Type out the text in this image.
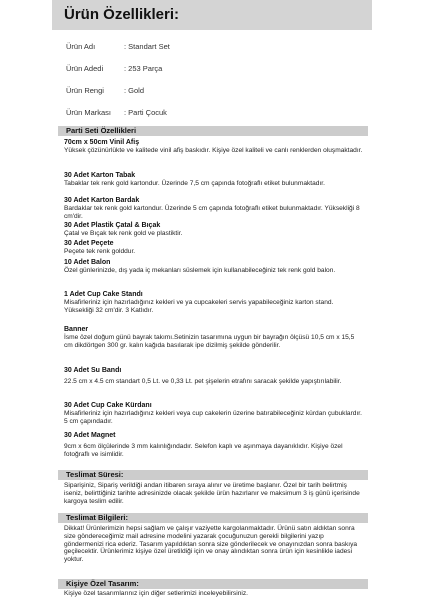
Ürün Özellikleri:
Ürün Adı	: Standart Set
Ürün Adedi	: 253 Parça
Ürün Rengi	: Gold
Ürün Markası : Parti Çocuk
Parti Seti Özellikleri
70cm x 50cm Vinil Afiş

Yüksek çözünürlükte ve kalitede vinil afiş baskıdır. Kişiye özel kaliteli ve canlı renklerden oluşmaktadır.

30 Adet Karton Tabak

Tabaklar tek renk gold kartondur. Üzerinde 7,5 cm çapında fotoğraflı etiket bulunmaktadır.

30 Adet Karton Bardak

Bardaklar tek renk gold kartondur. Üzerinde 5 cm çapında fotoğraflı etiket bulunmaktadır. Yüksekliği 8 cm'dir.

30 Adet Plastik Çatal & Bıçak

Çatal ve Bıçak tek renk gold ve plastiktir.

30 Adet Peçete

Peçete tek renk golddur.

10 Adet Balon

Özel günlerinizde, dış yada iç mekanları süslemek için kullanabileceğiniz tek renk gold balon.

1 Adet Cup Cake Standı

Misafirleriniz için hazırladığınız kekleri ve ya cupcakeleri servis yapabileceğiniz karton stand. Yüksekliği 32 cm'dir. 3 Katlıdır.

Banner

İsme özel doğum günü bayrak takımı.Setinizin tasarımına uygun bir bayrağın ölçüsü 10,5 cm x 15,5 cm dikdörtgen 300 gr. kalın kağıda basılarak ipe dizilmiş şekilde gönderilir.

30 Adet Su Bandı

22.5 cm x 4.5 cm standart 0,5 Lt. ve 0,33 Lt. pet şişelerin etrafını saracak şekilde yapıştırılabilir.

30 Adet Cup Cake Kürdanı

Misafirleriniz için hazırladığınız kekleri veya cup cakelerin üzerine batırabileceğiniz kürdan çubuklardır. 5 cm çapındadır.

30 Adet Magnet

9cm x 6cm ölçülerinde 3 mm kalınlığındadır. Selefon kaplı ve aşınmaya dayanıklıdır. Kişiye özel fotoğraflı ve isimlidir.

Teslimat Süresi:

Siparişiniz, Sipariş verildiği andan itibaren sıraya alınır ve üretime başlanır. Özel bir tarih belirtmiş iseniz, belirttiğiniz tarihte adresinizde olacak şekilde ürün hazırlanır ve maksimum 3 iş günü içerisinde kargoya teslim edilir.

Teslimat Bilgileri:

Dikkat! Ürünlerimizin hepsi sağlam ve çalışır vaziyette kargolanmaktadır. Ürünü satın aldıktan sonra size göndereceğimiz mail adresine modelini yazarak çocuğunuzun gerekli bilgilerini yazıp göndermenizi rica ederiz. Tasarım yapıldıktan sonra size gönderilecek ve onayınızdan sonra baskıya geçilecektir. Ürünlerimiz kişiye özel üretildiği için ve onay alındıktan sonra ürün için kesinlikle iadesi yoktur.

Kişiye Özel Tasarım:

Kişiye özel tasarımlarınız için diğer setlerimizi inceleyebilirsiniz.
